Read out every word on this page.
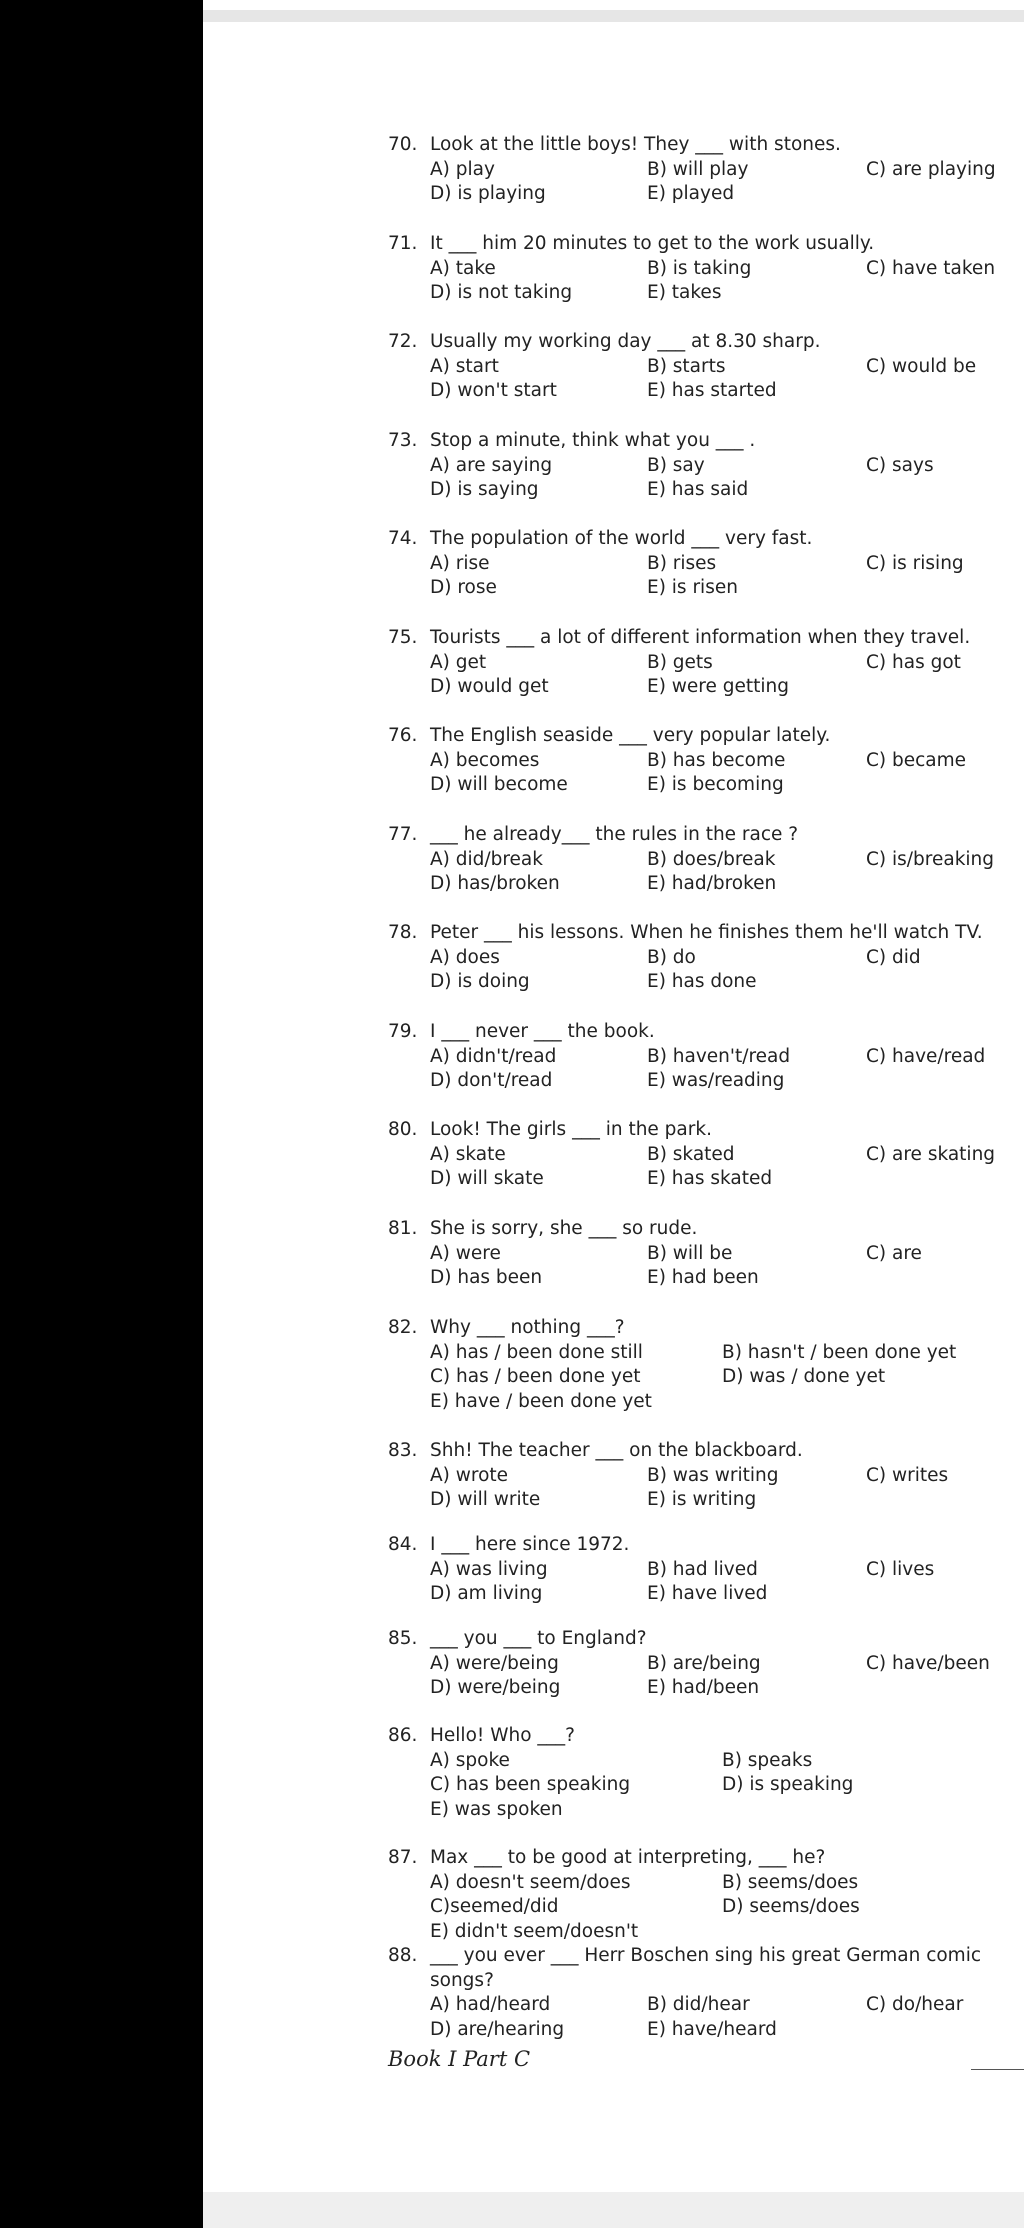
70. Look at the little boys! They ___ with stones.
A) play	B) will play	C) are playing
D) is playing	E) played
71. It ___ him 20 minutes to get to the work usually.
A) take	B) is taking	C) have taken
D) is not taking	E) takes
72. Usually my working day ___ at 8.30 sharp.
A) start	B) starts	C) would be
D) won't start	E) has started
73. Stop a minute, think what you ___ .
A) are saying	B) say	C) says
D) is saying	E) has said
74. The population of the world ___ very fast.
A) rise	B) rises	C) is rising
D) rose	E) is risen
75. Tourists ___ a lot of different information when they travel.
A) get	B) gets	C) has got
D) would get	E) were getting
76. The English seaside ___ very popular lately.
A) becomes	B) has become	C) became
D) will become	E) is becoming
77. ___ he already___ the rules in the race ?
A) did/break	B) does/break	C) is/breaking
D) has/broken	E) had/broken
78. Peter ___ his lessons. When he finishes them he'll watch TV.
A) does	B) do	C) did
D) is doing	E) has done
79. I ___ never ___ the book.
A) didn't/read	B) haven't/read	C) have/read
D) don't/read	E) was/reading
80. Look! The girls ___ in the park.
A) skate	B) skated	C) are skating
D) will skate	E) has skated
81. She is sorry, she ___ so rude.
A) were	B) will be	C) are
D) has been	E) had been
82. Why ___ nothing ___?
A) has / been done still	B) hasn't / been done yet
C) has / been done yet	D) was / done yet
E) have / been done yet
83. Shh! The teacher ___ on the blackboard.
A) wrote	B) was writing	C) writes
D) will write	E) is writing
84. I ___ here since 1972.
A) was living	B) had lived	C) lives
D) am living	E) have lived
85. ___ you ___ to England?
A) were/being	B) are/being	C) have/been
D) were/being	E) had/been
86. Hello! Who ___?
A) spoke	B) speaks
C) has been speaking	D) is speaking
E) was spoken
87. Max ___ to be good at interpreting, ___ he?
A) doesn't seem/does	B) seems/does
C)seemed/did	D) seems/does
E) didn't seem/doesn't
88. ___ you ever ___ Herr Boschen sing his great German comic
songs?
A) had/heard	B) did/hear	C) do/hear
D) are/hearing	E) have/heard
Book I Part C
